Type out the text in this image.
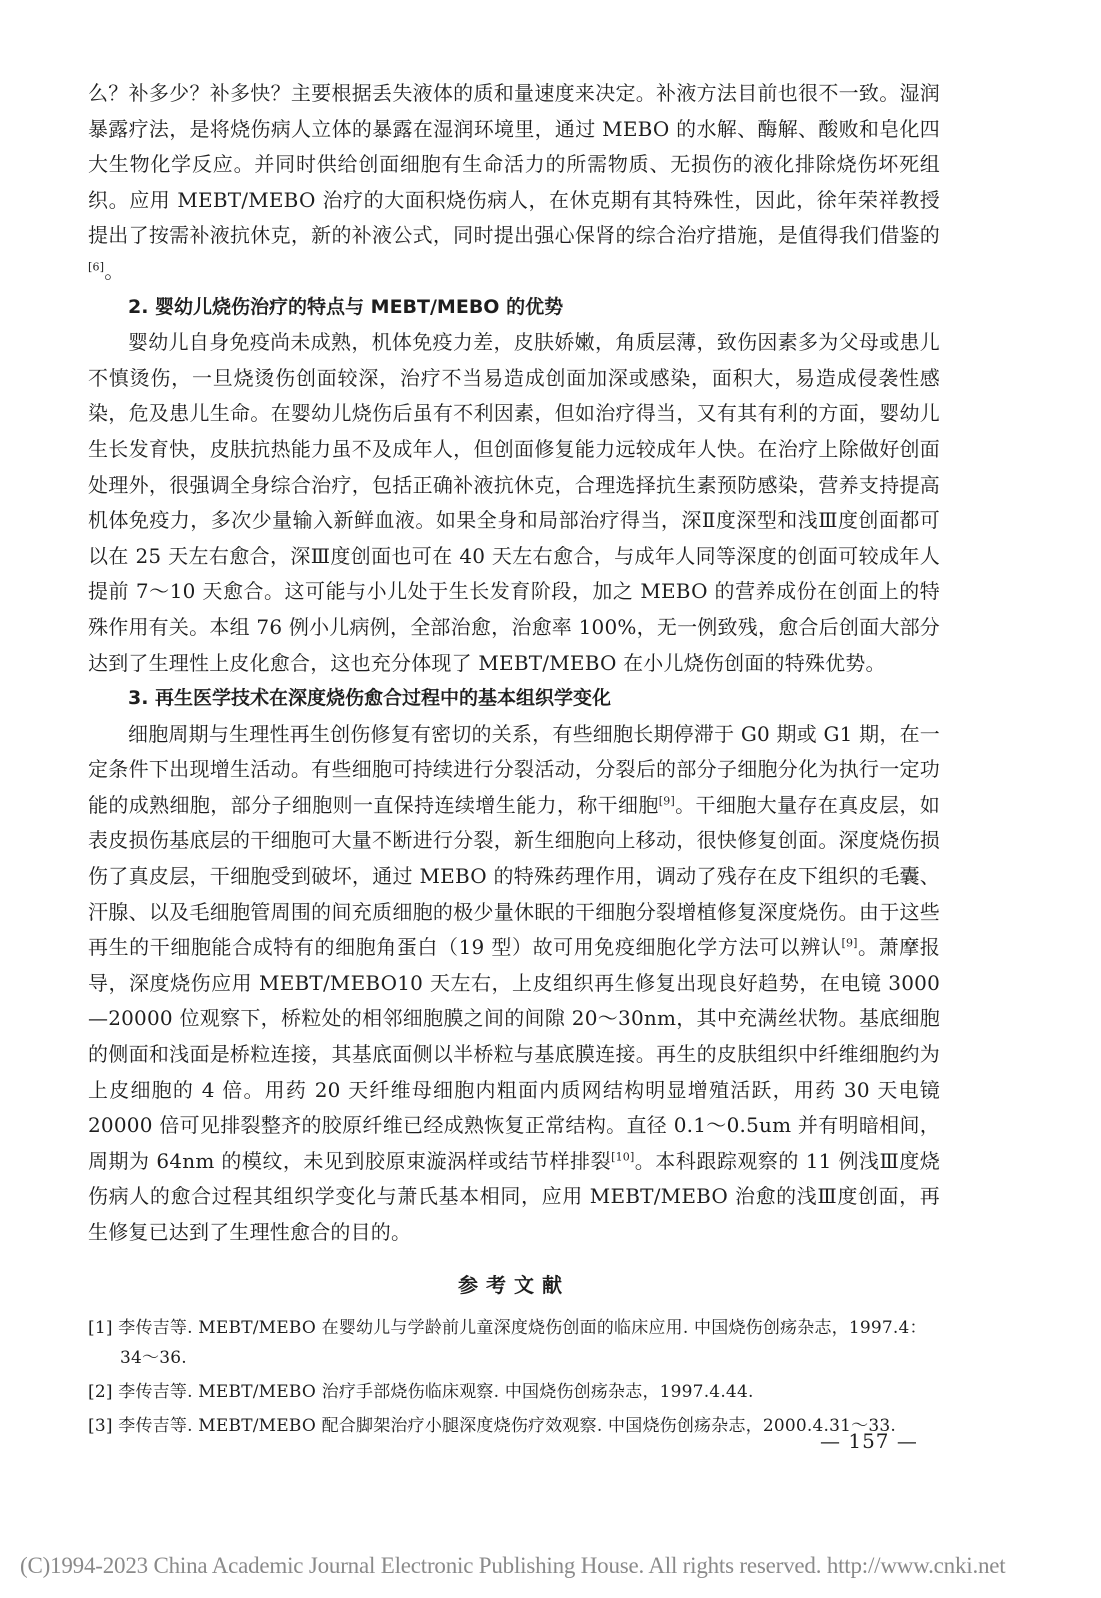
么？补多少？补多快？主要根据丢失液体的质和量速度来决定。补液方法目前也很不一致。湿润暴露疗法，是将烧伤病人立体的暴露在湿润环境里，通过 MEBO 的水解、酶解、酸败和皂化四大生物化学反应。并同时供给创面细胞有生命活力的所需物质、无损伤的液化排除烧伤坏死组织。应用 MEBT/MEBO 治疗的大面积烧伤病人，在休克期有其特殊性，因此，徐年荣祥教授提出了按需补液抗休克，新的补液公式，同时提出强心保肾的综合治疗措施，是值得我们借鉴的[6]。

2. 婴幼儿烧伤治疗的特点与 MEBT/MEBO 的优势

婴幼儿自身免疫尚未成熟，机体免疫力差，皮肤娇嫩，角质层薄，致伤因素多为父母或患儿不慎烫伤，一旦烧烫伤创面较深，治疗不当易造成创面加深或感染，面积大，易造成侵袭性感染，危及患儿生命。在婴幼儿烧伤后虽有不利因素，但如治疗得当，又有其有利的方面，婴幼儿生长发育快，皮肤抗热能力虽不及成年人，但创面修复能力远较成年人快。在治疗上除做好创面处理外，很强调全身综合治疗，包括正确补液抗休克，合理选择抗生素预防感染，营养支持提高机体免疫力，多次少量输入新鲜血液。如果全身和局部治疗得当，深Ⅱ度深型和浅Ⅲ度创面都可以在 25 天左右愈合，深Ⅲ度创面也可在 40 天左右愈合，与成年人同等深度的创面可较成年人提前 7～10 天愈合。这可能与小儿处于生长发育阶段，加之 MEBO 的营养成份在创面上的特殊作用有关。本组 76 例小儿病例，全部治愈，治愈率 100%，无一例致残，愈合后创面大部分达到了生理性上皮化愈合，这也充分体现了 MEBT/MEBO 在小儿烧伤创面的特殊优势。

3. 再生医学技术在深度烧伤愈合过程中的基本组织学变化

细胞周期与生理性再生创伤修复有密切的关系，有些细胞长期停滞于 G0 期或 G1 期，在一定条件下出现增生活动。有些细胞可持续进行分裂活动，分裂后的部分子细胞分化为执行一定功能的成熟细胞，部分子细胞则一直保持连续增生能力，称干细胞[9]。干细胞大量存在真皮层，如表皮损伤基底层的干细胞可大量不断进行分裂，新生细胞向上移动，很快修复创面。深度烧伤损伤了真皮层，干细胞受到破坏，通过 MEBO 的特殊药理作用，调动了残存在皮下组织的毛囊、汗腺、以及毛细胞管周围的间充质细胞的极少量休眠的干细胞分裂增植修复深度烧伤。由于这些再生的干细胞能合成特有的细胞角蛋白（19 型）故可用免疫细胞化学方法可以辨认[9]。萧摩报导，深度烧伤应用 MEBT/MEBO10 天左右，上皮组织再生修复出现良好趋势，在电镜 3000—20000 位观察下，桥粒处的相邻细胞膜之间的间隙 20～30nm，其中充满丝状物。基底细胞的侧面和浅面是桥粒连接，其基底面侧以半桥粒与基底膜连接。再生的皮肤组织中纤维细胞约为上皮细胞的 4 倍。用药 20 天纤维母细胞内粗面内质网结构明显增殖活跃，用药 30 天电镜 20000 倍可见排裂整齐的胶原纤维已经成熟恢复正常结构。直径 0.1～0.5um 并有明暗相间，周期为 64nm 的模纹，未见到胶原束漩涡样或结节样排裂[10]。本科跟踪观察的 11 例浅Ⅲ度烧伤病人的愈合过程其组织学变化与萧氏基本相同，应用 MEBT/MEBO 治愈的浅Ⅲ度创面，再生修复已达到了生理性愈合的目的。

参考文献

[1] 李传吉等. MEBT/MEBO 在婴幼儿与学龄前儿童深度烧伤创面的临床应用. 中国烧伤创疡杂志，1997.4：34～36.

[2] 李传吉等. MEBT/MEBO 治疗手部烧伤临床观察. 中国烧伤创疡杂志，1997.4.44.

[3] 李传吉等. MEBT/MEBO 配合脚架治疗小腿深度烧伤疗效观察. 中国烧伤创疡杂志，2000.4.31～33.

— 157 —
(C)1994-2023 China Academic Journal Electronic Publishing House. All rights reserved. http://www.cnki.net
